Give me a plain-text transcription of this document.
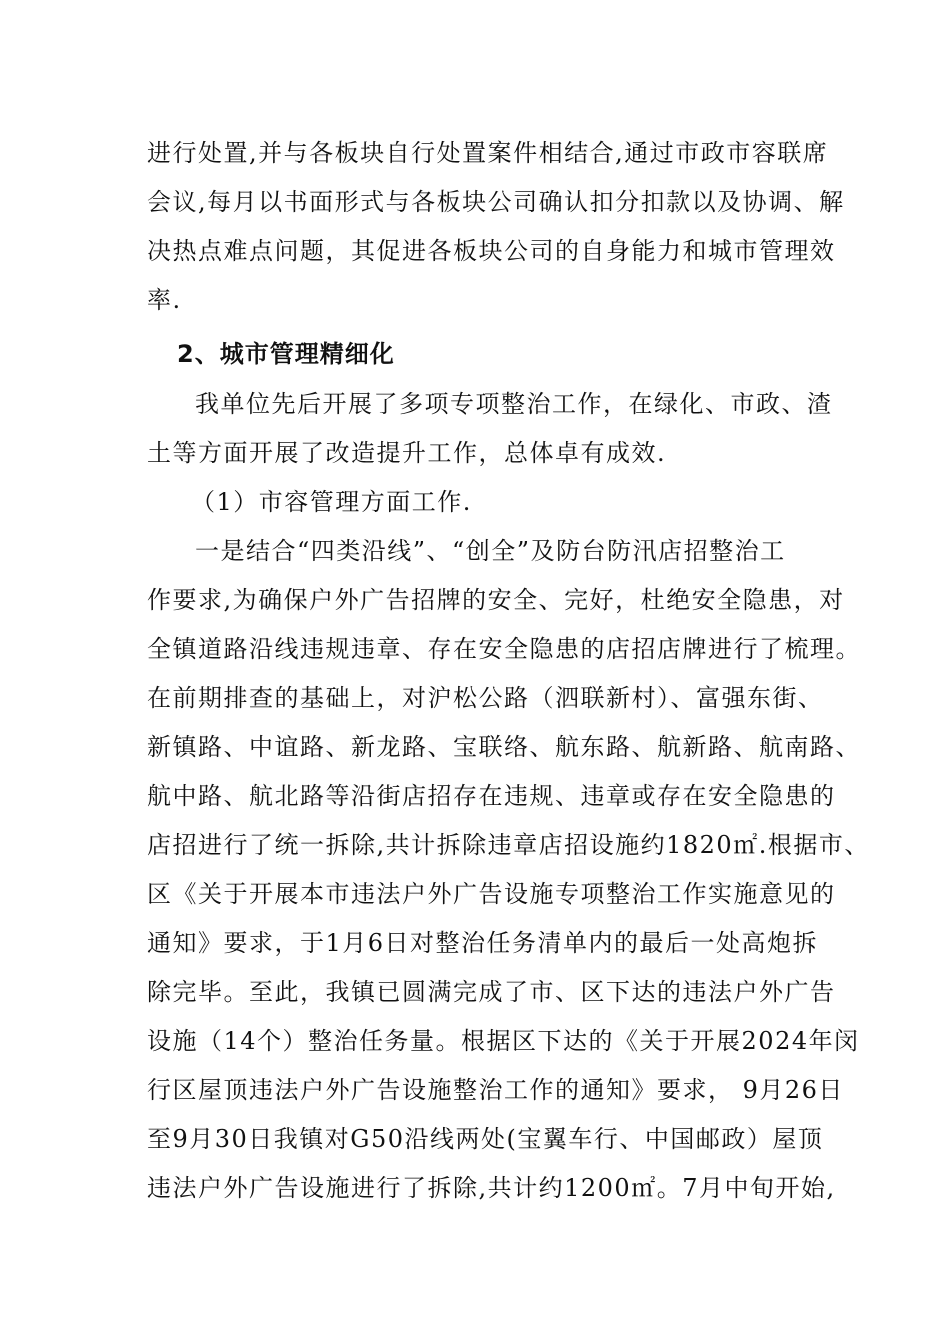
进行处置,并与各板块自行处置案件相结合,通过市政市容联席
会议,每月以书面形式与各板块公司确认扣分扣款以及协调、解
决热点难点问题，其促进各板块公司的自身能力和城市管理效
率.
2、城市管理精细化
我单位先后开展了多项专项整治工作，在绿化、市政、渣
土等方面开展了改造提升工作，总体卓有成效.
（1）市容管理方面工作.
一是结合“四类沿线”、“创全”及防台防汛店招整治工
作要求,为确保户外广告招牌的安全、完好，杜绝安全隐患，对
全镇道路沿线违规违章、存在安全隐患的店招店牌进行了梳理。
在前期排查的基础上，对沪松公路（泗联新村）、富强东街、
新镇路、中谊路、新龙路、宝联络、航东路、航新路、航南路、
航中路、航北路等沿街店招存在违规、违章或存在安全隐患的
店招进行了统一拆除,共计拆除违章店招设施约1820㎡.根据市、
区《关于开展本市违法户外广告设施专项整治工作实施意见的
通知》要求，于1月6日对整治任务清单内的最后一处高炮拆
除完毕。至此，我镇已圆满完成了市、区下达的违法户外广告
设施（14个）整治任务量。根据区下达的《关于开展2024年闵
行区屋顶违法户外广告设施整治工作的通知》要求， 9月26日
至9月30日我镇对G50沿线两处(宝翼车行、中国邮政）屋顶
违法户外广告设施进行了拆除,共计约1200㎡。7月中旬开始,
